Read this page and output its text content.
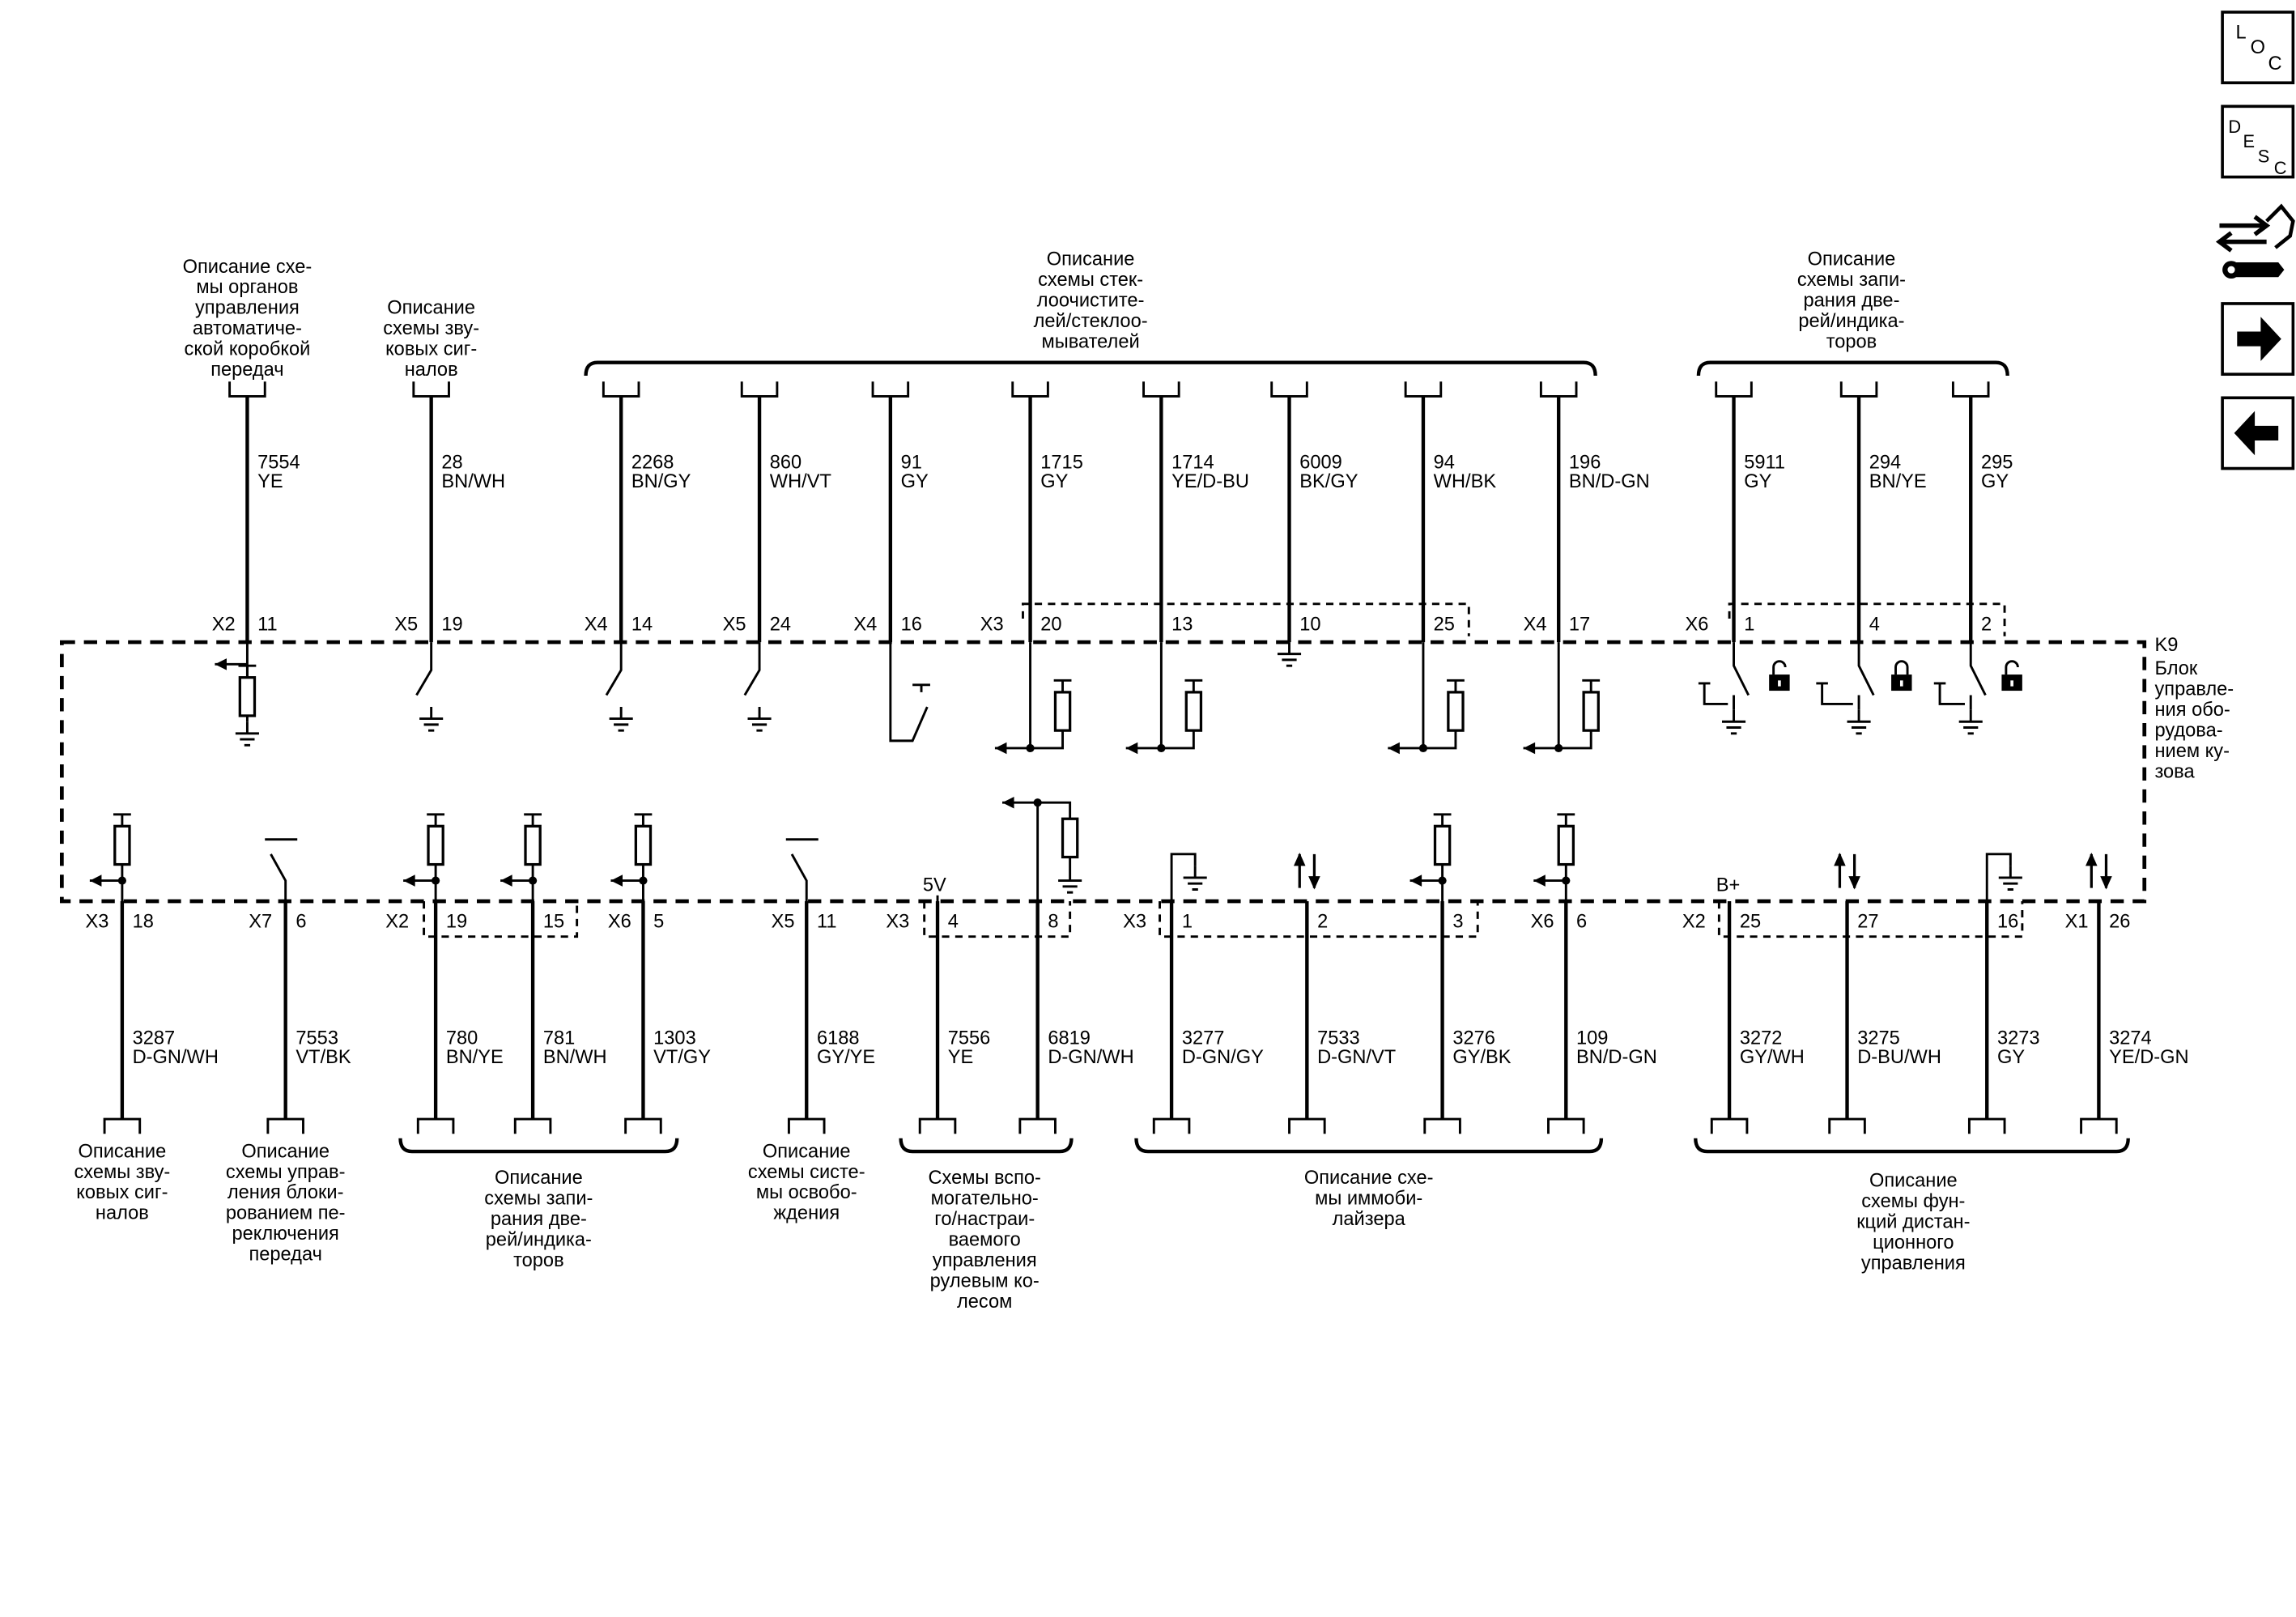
K9
Блок
управле-
ния обо-
рудова-
нием ку-
зова
L
O
C
D
E
S
C
7554
YE
X2 11
28
BN/WH
X5 19
2268
BN/GY
X4 14
860
WH/VT
X5 24
91
GY
X4 16
1715
GY
X3	20
1714
YE/D-BU
13
6009
BK/GY
10
94
WH/BK
25
196
BN/D-GN
X4 17
5911
GY
X6	1
294
BN/YE
4
295
GY
2
X3 18
3287
D-GN/WH
X7 6
7553
VT/BK
X2	19
780
BN/YE
15
781
BN/WH
X6 5
1303
VT/GY
X5 11
6188
GY/YE
X3	4
7556
YE
8
6819
D-GN/WH
X3	1
3277
D-GN/GY
2
7533
D-GN/VT
3
3276
GY/BK
X6 6
109
BN/D-GN
X2	25
3272
GY/WH
27
3275
D-BU/WH
16
3273
GY
X1 26
3274
YE/D-GN
5V	B+
Описание схе-
мы органов
управления
автоматиче-
ской коробкой
передач
Описание
схемы зву-
ковых сиг-
налов
Описание
схемы стек-
лоочистите-
лей/стеклоо-
мывателей
Описание
схемы запи-
рания две-
рей/индика-
торов
Описание
схемы зву-
ковых сиг-
налов
Описание
схемы управ-
ления блоки-
рованием пе-
реключения
передач
Описание
схемы запи-
рания две-
рей/индика-
торов
Описание
схемы систе-
мы освобо-
ждения
Схемы вспо-
могательно-
го/настраи-
ваемого
управления
рулевым ко-
лесом
Описание схе-
мы иммоби-
лайзера
Описание
схемы фун-
кций дистан-
ционного
управления
